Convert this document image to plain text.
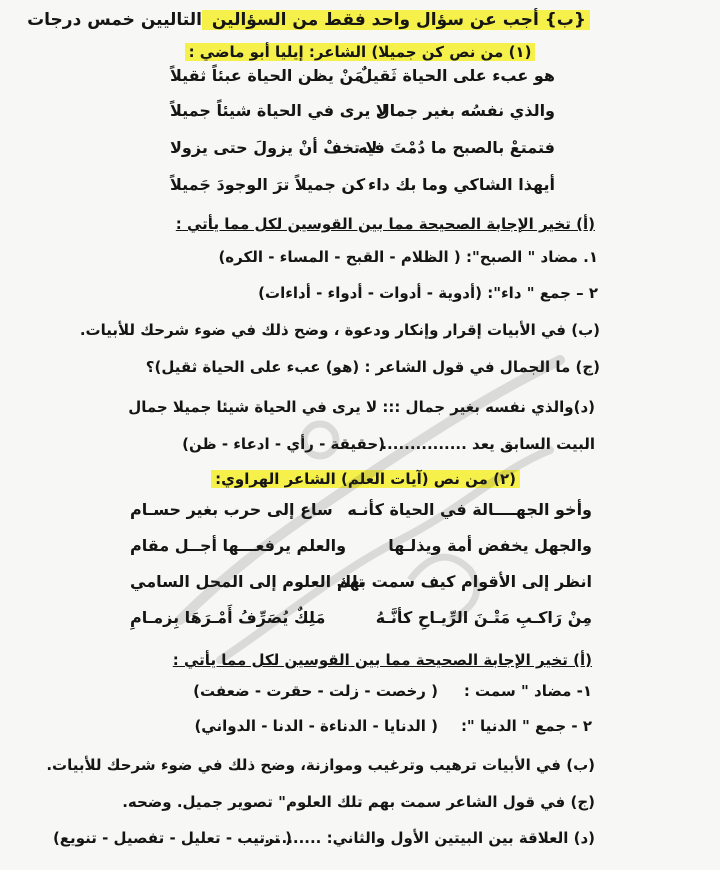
{ب} أجب عن سؤال واحد فقط من السؤالين التاليين خمس درجات
(١) من نص كن جميلا) الشاعر: إيليا أبو ماضي :
هو عبء على الحياة ثَقيلٌ
مَنْ يظن الحياة عبئاً ثقيلاً
والذي نفسُه بغير جمال
لا يرى في الحياة شيئاً جميلاً
فتمتعْ بالصبح ما دُمْتَ فيه
لا تخفْ أنْ يزولَ حتى يزولا
أيهذا الشاكي وما بك داء
كن جميلاً ترَ الوجودَ جَميلاً
(أ) تخير الإجابة الصحيحة مما بين القوسين لكل مما يأتي :
١. مضاد " الصبح": ( الظلام - القبح - المساء - الكره)
٢ – جمع " داء": (أدوية - أدوات - أدواء - أداءات)
(ب) في الأبيات إقرار وإنكار ودعوة ، وضح ذلك في ضوء شرحك للأبيات.
(ج) ما الجمال في قول الشاعر : (هو) عبء على الحياة ثقيل)؟
(د)والذي نفسه بغير جمال ::: لا يرى في الحياة شيئا جميلا جمال
البيت السابق يعد ...............
(حقيقة - رأي - ادعاء - ظن)
(٢) من نص (آيات العلم) الشاعر الهراوي:
وأخو الجهــــالة في الحياة كأنـه
ساع إلى حرب بغير حسـام
والجهل يخفض أمة ويذلـها
والعلم يرفعـــها أجــل مقام
انظر إلى الأقوام كيف سمت بهم
تلك العلوم إلى المحل السامي
مِنْ رَاكـبِ مَتْـنَ الرِّيـاحِ كأنَّـهُ
مَلِكٌ يُصَرِّفُ أَمْـرَهَا بِزمـامِ
(أ) تخير الإجابة الصحيحة مما بين القوسين لكل مما يأتي :
١- مضاد " سمت :
( رخصت - زلت - حقرت - ضعفت)
٢ - جمع " الدنيا ":
( الدنايا - الدناءة - الدنا - الدواني)
(ب) في الأبيات ترهيب وترغيب وموازنة، وضح ذلك في ضوء شرحك للأبيات.
(ج) في قول الشاعر سمت بهم تلك العلوم" تصوير جميل. وضحه.
(د) العلاقة بين البيتين الأول والثاني: ............
( ترتيب - تعليل - تفصيل - تنويع)
